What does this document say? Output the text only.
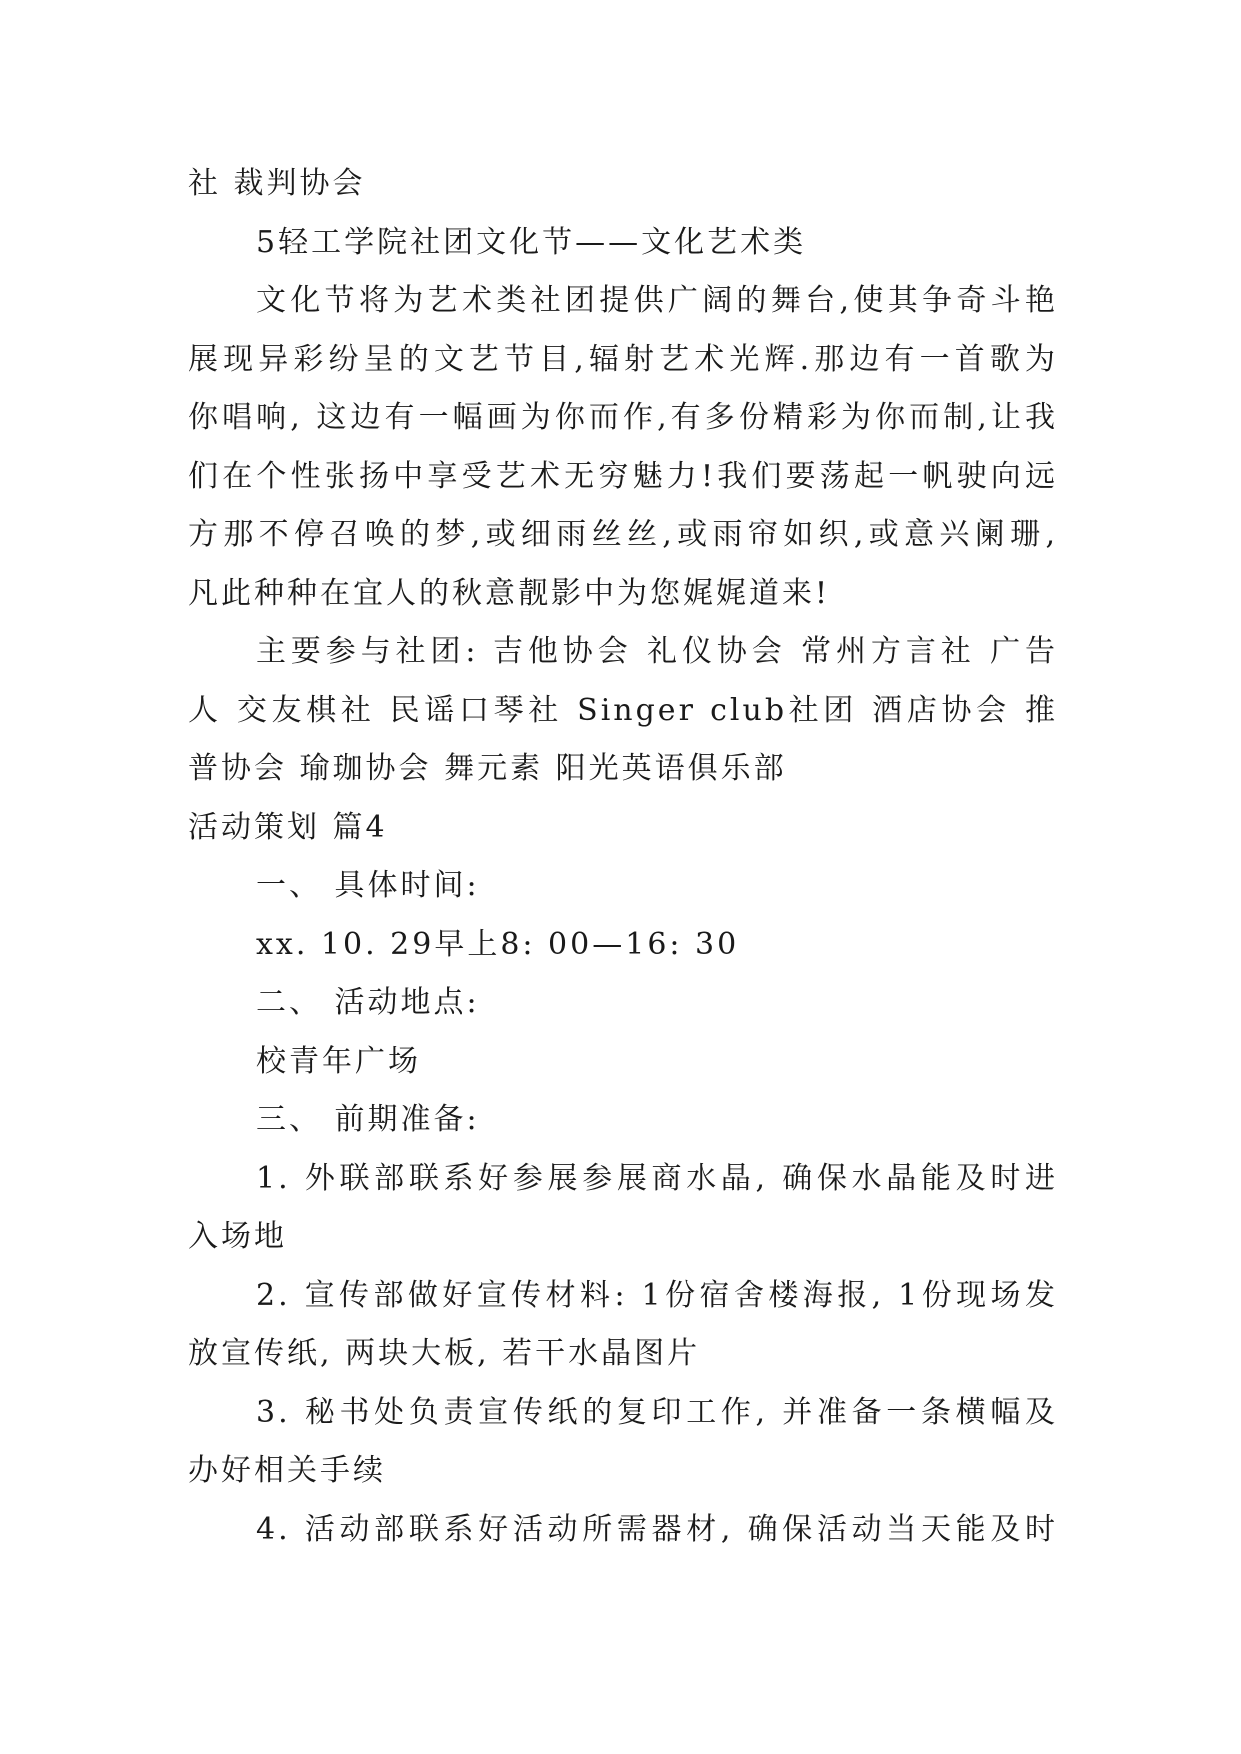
社 裁判协会
5轻工学院社团文化节——文化艺术类
文化节将为艺术类社团提供广阔的舞台,使其争奇斗艳
展现异彩纷呈的文艺节目,辐射艺术光辉.那边有一首歌为
你唱响, 这边有一幅画为你而作,有多份精彩为你而制,让我
们在个性张扬中享受艺术无穷魅力!我们要荡起一帆驶向远
方那不停召唤的梦,或细雨丝丝,或雨帘如织,或意兴阑珊,
凡此种种在宜人的秋意靓影中为您娓娓道来!
主要参与社团: 吉他协会 礼仪协会 常州方言社 广告
人 交友棋社 民谣口琴社 Singer club社团 酒店协会 推
普协会 瑜珈协会 舞元素 阳光英语俱乐部
活动策划 篇4
一、 具体时间:
xx. 10. 29早上8: 00—16: 30
二、 活动地点:
校青年广场
三、 前期准备:
1. 外联部联系好参展参展商水晶, 确保水晶能及时进
入场地
2. 宣传部做好宣传材料: 1份宿舍楼海报, 1份现场发
放宣传纸, 两块大板, 若干水晶图片
3. 秘书处负责宣传纸的复印工作, 并准备一条横幅及
办好相关手续
4. 活动部联系好活动所需器材, 确保活动当天能及时
